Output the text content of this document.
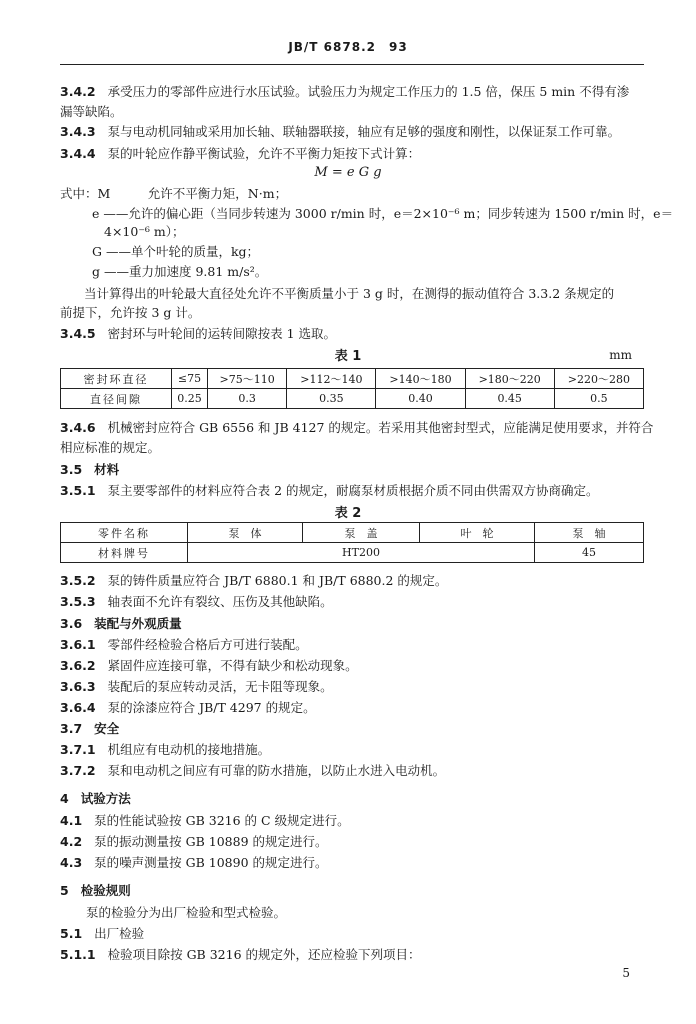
JB/T 6878.2　93
3.4.2 承受压力的零部件应进行水压试验。试验压力为规定工作压力的 1.5 倍，保压 5 min 不得有渗
漏等缺陷。
3.4.3 泵与电动机同轴或采用加长轴、联轴器联接，轴应有足够的强度和刚性，以保证泵工作可靠。
3.4.4 泵的叶轮应作静平衡试验，允许不平衡力矩按下式计算：
M = e G g
式中：M　　　允许不平衡力矩，N·m；
e ——允许的偏心距（当同步转速为 3000 r/min 时，e＝2×10⁻⁶ m；同步转速为 1500 r/min 时，e＝
4×10⁻⁶ m）；
G ——单个叶轮的质量，kg；
g ——重力加速度 9.81 m/s²。
当计算得出的叶轮最大直径处允许不平衡质量小于 3 g 时，在测得的振动值符合 3.3.2 条规定的
前提下，允许按 3 g 计。
3.4.5 密封环与叶轮间的运转间隙按表 1 选取。
表 1	mm
密封环直径	≤75	>75～110	>112～140	>140～180	>180～220	>220～280
直径间隙	0.25	0.3	0.35	0.40	0.45	0.5
3.4.6 机械密封应符合 GB 6556 和 JB 4127 的规定。若采用其他密封型式，应能满足使用要求，并符合
相应标准的规定。
3.5 材料
3.5.1 泵主要零部件的材料应符合表 2 的规定，耐腐泵材质根据介质不同由供需双方协商确定。
表 2
零件名称	泵　体	泵　盖	叶　轮	泵　轴
材料牌号	HT200			45
3.5.2 泵的铸件质量应符合 JB/T 6880.1 和 JB/T 6880.2 的规定。
3.5.3 轴表面不允许有裂纹、压伤及其他缺陷。
3.6 装配与外观质量
3.6.1 零部件经检验合格后方可进行装配。
3.6.2 紧固件应连接可靠，不得有缺少和松动现象。
3.6.3 装配后的泵应转动灵活，无卡阻等现象。
3.6.4 泵的涂漆应符合 JB/T 4297 的规定。
3.7 安全
3.7.1 机组应有电动机的接地措施。
3.7.2 泵和电动机之间应有可靠的防水措施，以防止水进入电动机。
4 试验方法
4.1 泵的性能试验按 GB 3216 的 C 级规定进行。
4.2 泵的振动测量按 GB 10889 的规定进行。
4.3 泵的噪声测量按 GB 10890 的规定进行。
5 检验规则
泵的检验分为出厂检验和型式检验。
5.1 出厂检验
5.1.1 检验项目除按 GB 3216 的规定外，还应检验下列项目：
5
